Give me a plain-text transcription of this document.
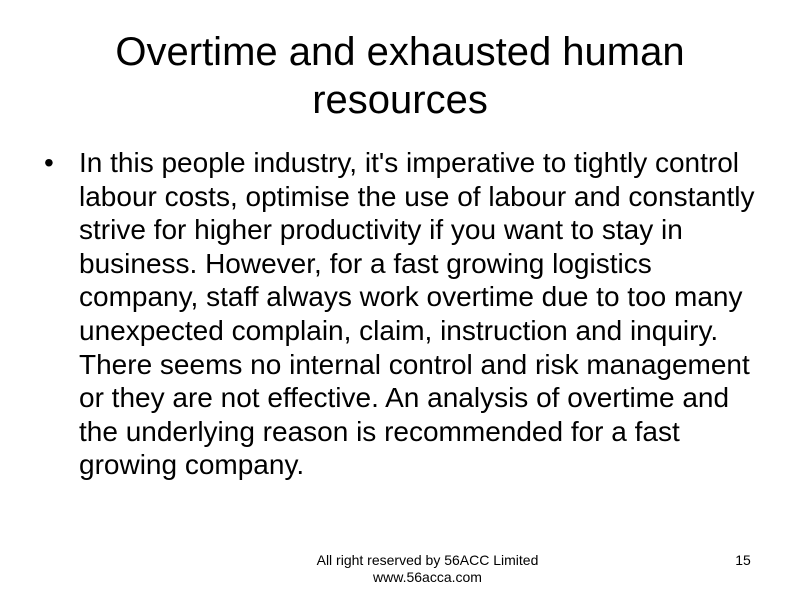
Overtime and exhausted human resources
• In this people industry, it's imperative to tightly control labour costs, optimise the use of labour and constantly strive for higher productivity if you want to stay in business. However, for a fast growing logistics company, staff always work overtime due to too many unexpected complain, claim, instruction and inquiry. There seems no internal control and risk management or they are not effective. An analysis of overtime and the underlying reason is recommended for a fast growing company.
All right reserved by 56ACC Limited
www.56acca.com
15
